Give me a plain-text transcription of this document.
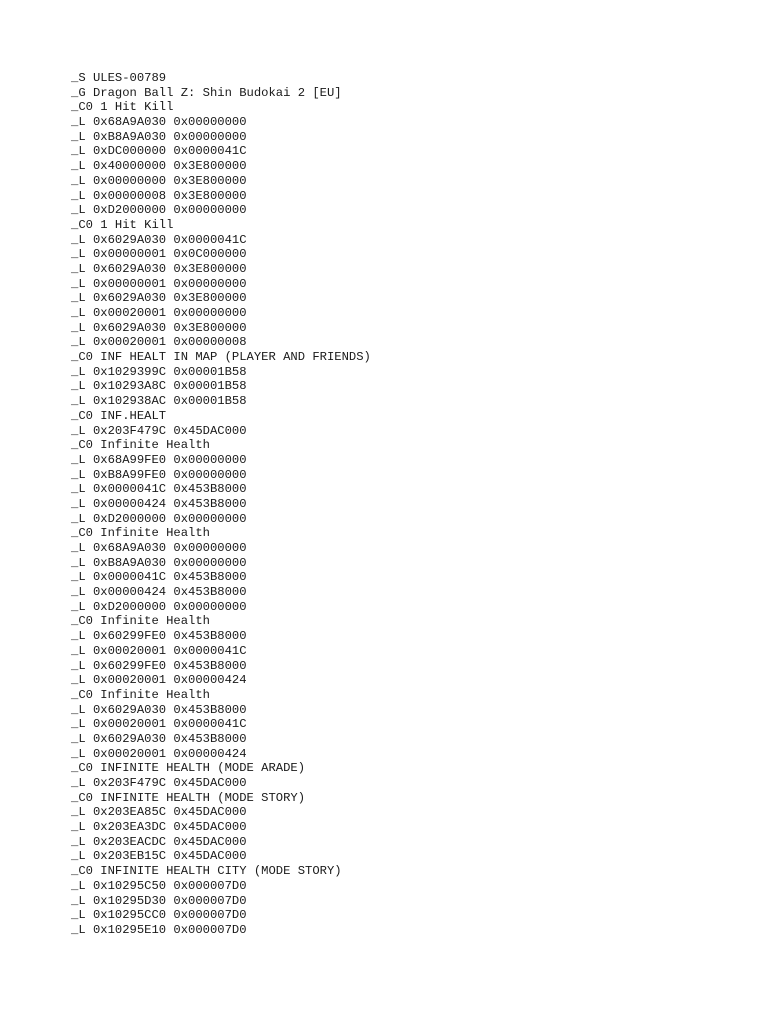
_S ULES-00789
_G Dragon Ball Z: Shin Budokai 2 [EU]
_C0 1 Hit Kill
_L 0x68A9A030 0x00000000
_L 0xB8A9A030 0x00000000
_L 0xDC000000 0x0000041C
_L 0x40000000 0x3E800000
_L 0x00000000 0x3E800000
_L 0x00000008 0x3E800000
_L 0xD2000000 0x00000000
_C0 1 Hit Kill
_L 0x6029A030 0x0000041C
_L 0x00000001 0x0C000000
_L 0x6029A030 0x3E800000
_L 0x00000001 0x00000000
_L 0x6029A030 0x3E800000
_L 0x00020001 0x00000000
_L 0x6029A030 0x3E800000
_L 0x00020001 0x00000008
_C0 INF HEALT IN MAP (PLAYER AND FRIENDS)
_L 0x1029399C 0x00001B58
_L 0x10293A8C 0x00001B58
_L 0x102938AC 0x00001B58
_C0 INF.HEALT
_L 0x203F479C 0x45DAC000
_C0 Infinite Health
_L 0x68A99FE0 0x00000000
_L 0xB8A99FE0 0x00000000
_L 0x0000041C 0x453B8000
_L 0x00000424 0x453B8000
_L 0xD2000000 0x00000000
_C0 Infinite Health
_L 0x68A9A030 0x00000000
_L 0xB8A9A030 0x00000000
_L 0x0000041C 0x453B8000
_L 0x00000424 0x453B8000
_L 0xD2000000 0x00000000
_C0 Infinite Health
_L 0x60299FE0 0x453B8000
_L 0x00020001 0x0000041C
_L 0x60299FE0 0x453B8000
_L 0x00020001 0x00000424
_C0 Infinite Health
_L 0x6029A030 0x453B8000
_L 0x00020001 0x0000041C
_L 0x6029A030 0x453B8000
_L 0x00020001 0x00000424
_C0 INFINITE HEALTH (MODE ARADE)
_L 0x203F479C 0x45DAC000
_C0 INFINITE HEALTH (MODE STORY)
_L 0x203EA85C 0x45DAC000
_L 0x203EA3DC 0x45DAC000
_L 0x203EACDC 0x45DAC000
_L 0x203EB15C 0x45DAC000
_C0 INFINITE HEALTH CITY (MODE STORY)
_L 0x10295C50 0x000007D0
_L 0x10295D30 0x000007D0
_L 0x10295CC0 0x000007D0
_L 0x10295E10 0x000007D0
